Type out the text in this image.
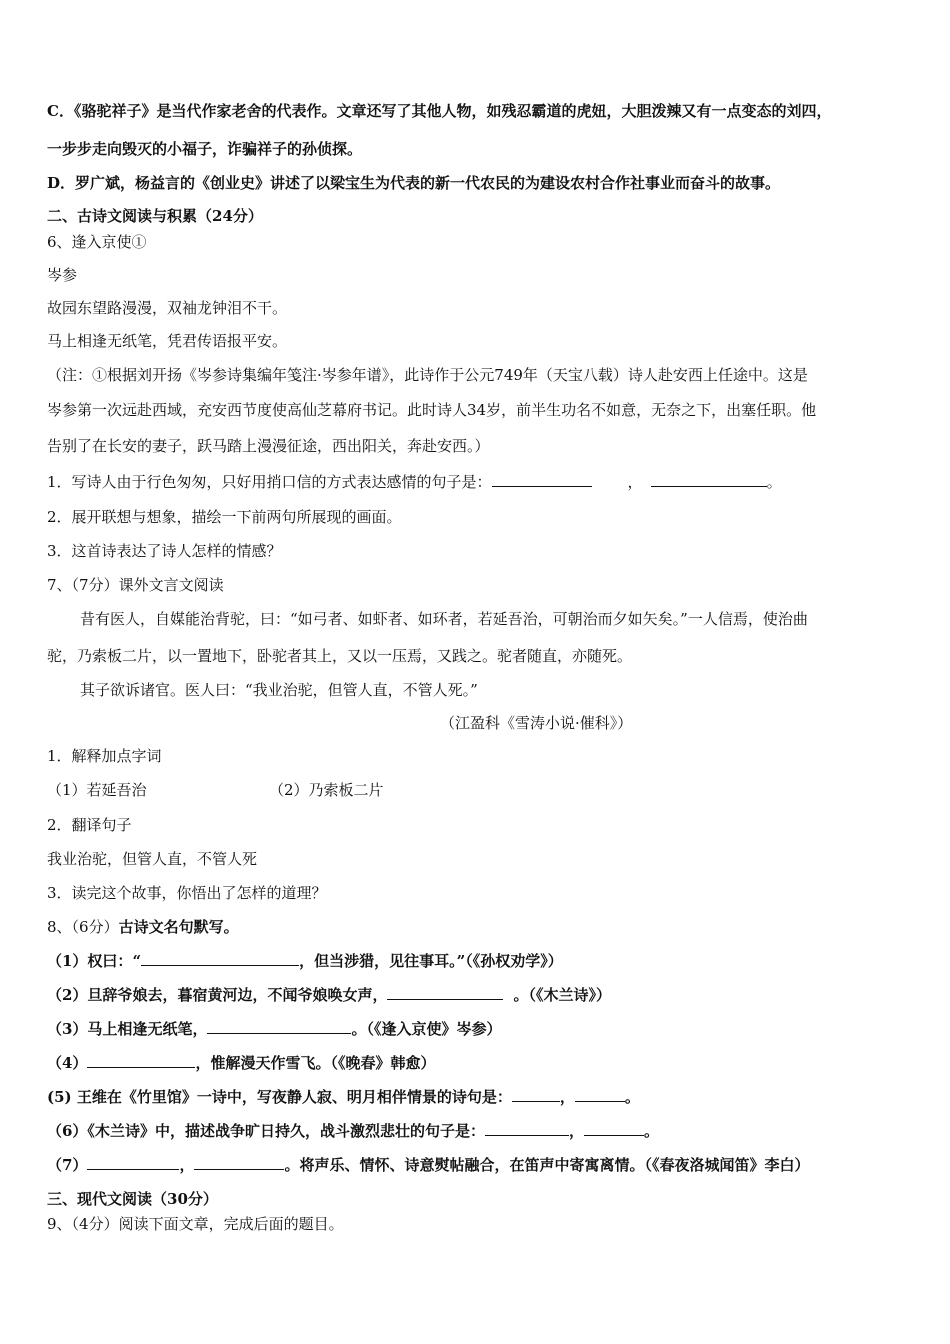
C．《骆驼祥子》是当代作家老舍的代表作。文章还写了其他人物，如残忍霸道的虎妞，大胆泼辣又有一点变态的刘四，
一步步走向毁灭的小福子，诈骗祥子的孙侦探。
D．罗广斌，杨益言的《创业史》讲述了以梁宝生为代表的新一代农民的为建设农村合作社事业而奋斗的故事。
二、古诗文阅读与积累（24分）
6、逢入京使①
岑参
故园东望路漫漫，双袖龙钟泪不干。
马上相逢无纸笔，凭君传语报平安。
（注：①根据刘开扬《岑参诗集编年笺注·岑参年谱》，此诗作于公元749年（天宝八载）诗人赴安西上任途中。这是
岑参第一次远赴西域，充安西节度使高仙芝幕府书记。此时诗人34岁，前半生功名不如意，无奈之下，出塞任职。他
告别了在长安的妻子，跃马踏上漫漫征途，西出阳关，奔赴安西。）
1．写诗人由于行色匆匆，只好用捎口信的方式表达感情的句子是：	，	。
2．展开联想与想象，描绘一下前两句所展现的画面。
3．这首诗表达了诗人怎样的情感？
7、（7分）课外文言文阅读
昔有医人，自媒能治背驼，曰：“如弓者、如虾者、如环者，若延吾治，可朝治而夕如矢矣。”一人信焉，使治曲
驼，乃索板二片，以一置地下，卧驼者其上，又以一压焉，又践之。驼者随直，亦随死。
其子欲诉诸官。医人曰：“我业治驼，但管人直，不管人死。”
（江盈科《雪涛小说·催科》）
1．解释加点字词
（1）若延吾治	（2）乃索板二片
2．翻译句子
我业治驼，但管人直，不管人死
3．读完这个故事，你悟出了怎样的道理？
8、（6分）古诗文名句默写。
（1）权曰：“	，但当涉猎，见往事耳。”（《孙权劝学》）
（2）旦辞爷娘去，暮宿黄河边，不闻爷娘唤女声，	。（《木兰诗》）
（3）马上相逢无纸笔，	。（《逢入京使》岑参）
（4）	，惟解漫天作雪飞。（《晚春》韩愈）
(5) 王维在《竹里馆》一诗中，写夜静人寂、明月相伴情景的诗句是：	，	。
（6）《木兰诗》中，描述战争旷日持久，战斗激烈悲壮的句子是：	，	。
（7）	，	。将声乐、情怀、诗意熨帖融合，在笛声中寄寓离情。（《春夜洛城闻笛》李白）
三、现代文阅读（30分）
9、（4分）阅读下面文章，完成后面的题目。
